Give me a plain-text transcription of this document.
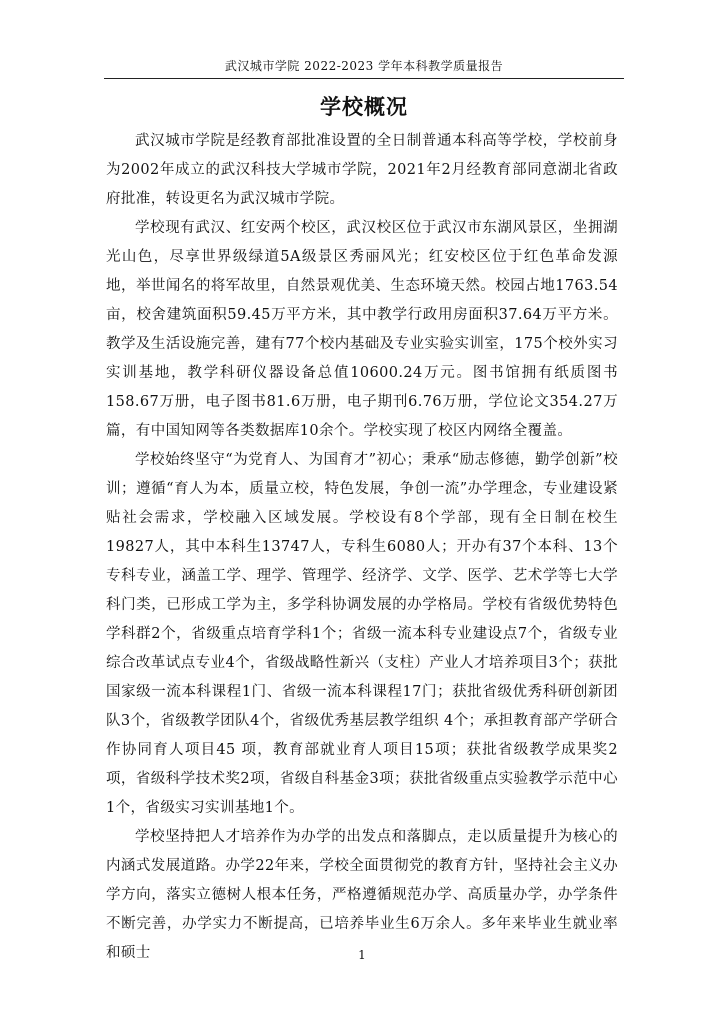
武汉城市学院 2022-2023 学年本科教学质量报告
学校概况

武汉城市学院是经教育部批准设置的全日制普通本科高等学校，学校前身为2002年成立的武汉科技大学城市学院，2021年2月经教育部同意湖北省政府批准，转设更名为武汉城市学院。

学校现有武汉、红安两个校区，武汉校区位于武汉市东湖风景区，坐拥湖光山色，尽享世界级绿道5A级景区秀丽风光；红安校区位于红色革命发源地，举世闻名的将军故里，自然景观优美、生态环境天然。校园占地1763.54亩，校舍建筑面积59.45万平方米，其中教学行政用房面积37.64万平方米。教学及生活设施完善，建有77个校内基础及专业实验实训室，175个校外实习实训基地，教学科研仪器设备总值10600.24万元。图书馆拥有纸质图书158.67万册，电子图书81.6万册，电子期刊6.76万册，学位论文354.27万篇，有中国知网等各类数据库10余个。学校实现了校区内网络全覆盖。

学校始终坚守“为党育人、为国育才”初心；秉承“励志修德，勤学创新”校训；遵循“育人为本，质量立校，特色发展，争创一流”办学理念，专业建设紧贴社会需求，学校融入区域发展。学校设有8个学部，现有全日制在校生19827人，其中本科生13747人，专科生6080人；开办有37个本科、13个专科专业，涵盖工学、理学、管理学、经济学、文学、医学、艺术学等七大学科门类，已形成工学为主，多学科协调发展的办学格局。学校有省级优势特色学科群2个，省级重点培育学科1个；省级一流本科专业建设点7个，省级专业综合改革试点专业4个，省级战略性新兴（支柱）产业人才培养项目3个；获批国家级一流本科课程1门、省级一流本科课程17门；获批省级优秀科研创新团队3个，省级教学团队4个，省级优秀基层教学组织 4个；承担教育部产学研合作协同育人项目45 项，教育部就业育人项目15项；获批省级教学成果奖2 项，省级科学技术奖2项，省级自科基金3项；获批省级重点实验教学示范中心1个，省级实习实训基地1个。

学校坚持把人才培养作为办学的出发点和落脚点，走以质量提升为核心的内涵式发展道路。办学22年来，学校全面贯彻党的教育方针，坚持社会主义办学方向，落实立德树人根本任务，严格遵循规范办学、高质量办学，办学条件不断完善，办学实力不断提高，已培养毕业生6万余人。多年来毕业生就业率和硕士	1
